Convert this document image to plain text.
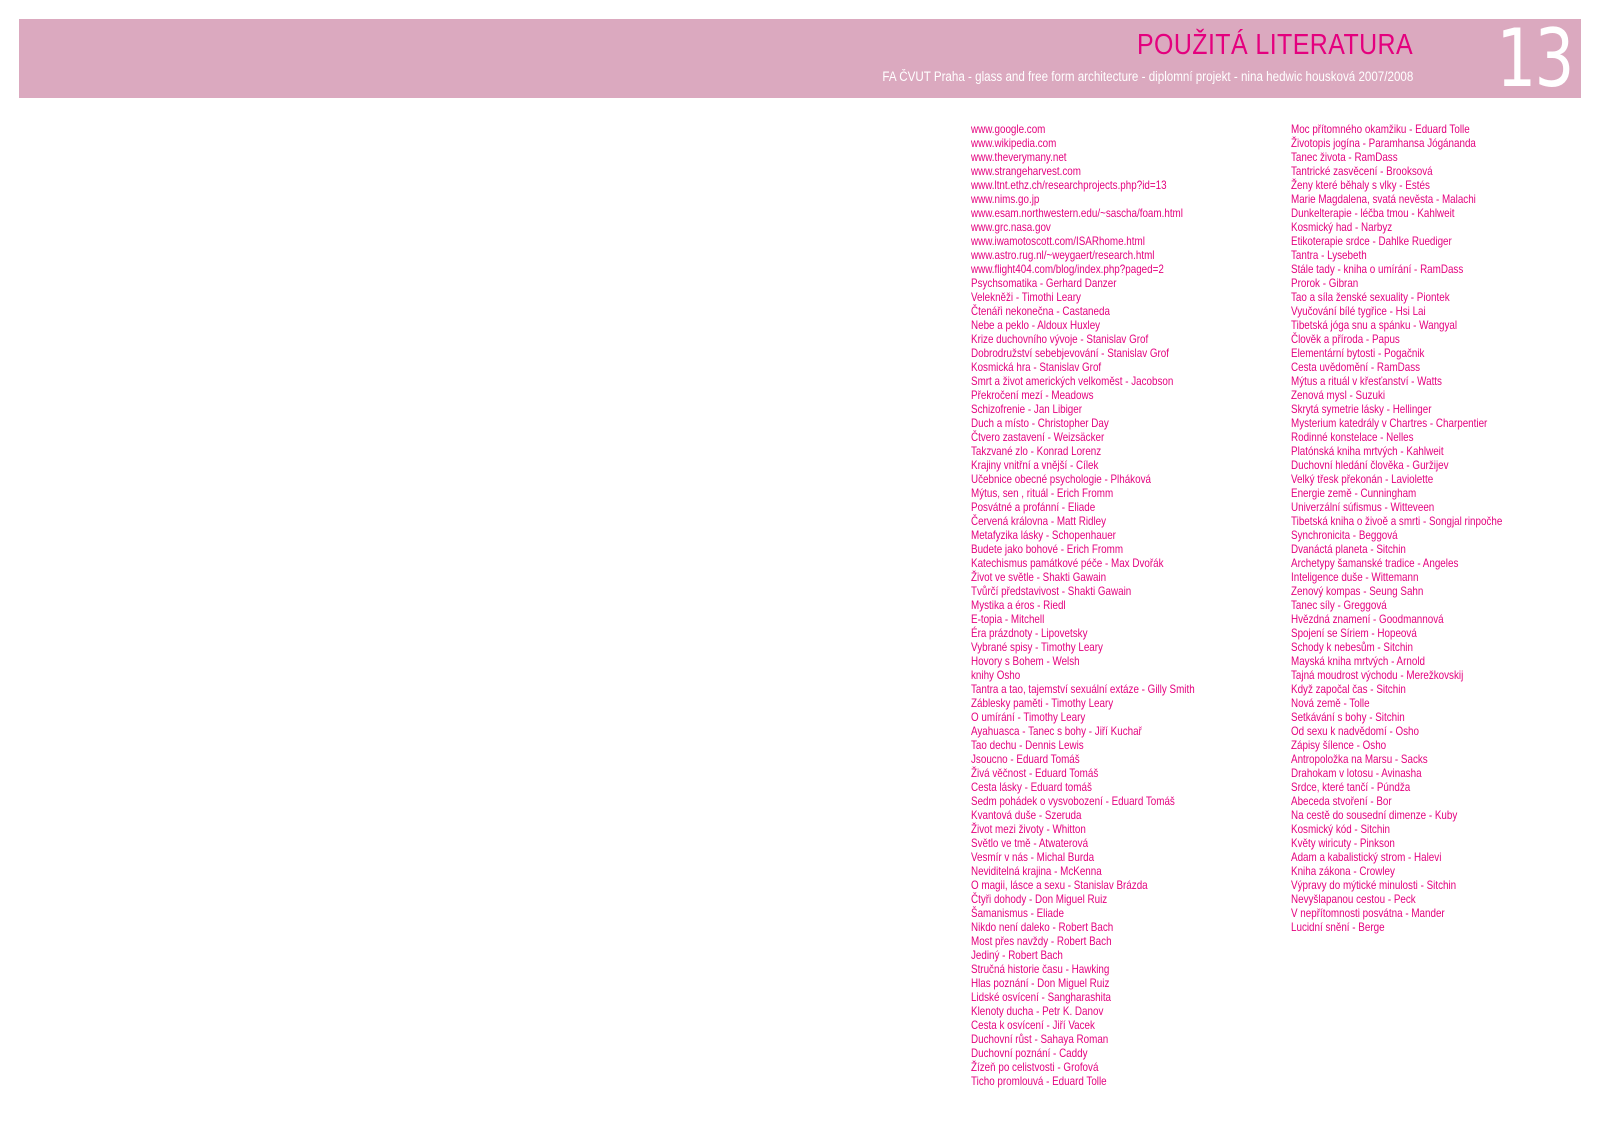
POUŽITÁ LITERATURA
FA ČVUT Praha - glass and free form architecture - diplomní projekt - nina hedwic housková 2007/2008 13
www.google.com
www.wikipedia.com
www.theverymany.net
www.strangeharvest.com
www.ltnt.ethz.ch/researchprojects.php?id=13
www.nims.go.jp
www.esam.northwestern.edu/~sascha/foam.html
www.grc.nasa.gov
www.iwamotoscott.com/ISARhome.html
www.astro.rug.nl/~weygaert/research.html
www.flight404.com/blog/index.php?paged=2
Psychsomatika - Gerhard Danzer
Velekněži - Timothi Leary
Čtenáři nekonečna - Castaneda
Nebe a peklo - Aldoux Huxley
Krize duchovního vývoje - Stanislav Grof
Dobrodružství sebebjevování - Stanislav Grof
Kosmická hra - Stanislav Grof
Smrt a život amerických velkoměst - Jacobson
Překročení mezí - Meadows
Schizofrenie - Jan Libiger
Duch a místo - Christopher Day
Čtvero zastavení - Weizsäcker
Takzvané zlo - Konrad Lorenz
Krajiny vnitřní a vnější - Cílek
Učebnice obecné psychologie - Plháková
Mýtus, sen , rituál - Erich Fromm
Posvátné a profánní - Eliade
Červená královna - Matt Ridley
Metafyzika lásky - Schopenhauer
Budete jako bohové - Erich Fromm
Katechismus památkové péče - Max Dvořák
Život ve světle - Shakti Gawain
Tvůrčí představivost - Shakti Gawain
Mystika a éros - Riedl
E-topia - Mitchell
Éra prázdnoty - Lipovetsky
Vybrané spisy - Timothy Leary
Hovory s Bohem - Welsh
knihy Osho
Tantra a tao, tajemství sexuální extáze - Gilly Smith
Záblesky paměti - Timothy Leary
O umírání - Timothy Leary
Ayahuasca - Tanec s bohy - Jiří Kuchař
Tao dechu - Dennis Lewis
Jsoucno - Eduard Tomáš
Živá věčnost - Eduard Tomáš
Cesta lásky - Eduard tomáš
Sedm pohádek o vysvobození - Eduard Tomáš
Kvantová duše - Szeruda
Život mezi životy - Whitton
Světlo ve tmě - Atwaterová
Vesmír v nás - Michal Burda
Neviditelná krajina - McKenna
O magii, lásce a sexu - Stanislav Brázda
Čtyři dohody - Don Miguel Ruiz
Šamanismus - Eliade
Nikdo není daleko - Robert Bach
Most přes navždy - Robert Bach
Jediný - Robert Bach
Stručná historie času - Hawking
Hlas poznání - Don Miguel Ruiz
Lidské osvícení - Sangharashita
Klenoty ducha - Petr K. Danov
Cesta k osvícení - Jiří Vacek
Duchovní růst - Sahaya Roman
Duchovní poznání - Caddy
Žízeň po celistvosti - Grofová
Ticho promlouvá - Eduard Tolle
Moc přítomného okamžiku - Eduard Tolle
Životopis jogína - Paramhansa Jógánanda
Tanec života - RamDass
Tantrické zasvěcení - Brooksová
Ženy které běhaly s vlky - Estés
Marie Magdalena, svatá nevěsta - Malachi
Dunkelterapie - léčba tmou - Kahlweit
Kosmický had - Narbyz
Etikoterapie srdce - Dahlke Ruediger
Tantra - Lysebeth
Stále tady - kniha o umírání - RamDass
Prorok - Gibran
Tao a síla ženské sexuality - Piontek
Vyučování bílé tygřice - Hsi Lai
Tibetská jóga snu a spánku - Wangyal
Člověk a příroda - Papus
Elementární bytosti - Pogačnik
Cesta uvědomění - RamDass
Mýtus a rituál v křesťanství - Watts
Zenová mysl - Suzuki
Skrytá symetrie lásky - Hellinger
Mysterium katedrály v Chartres - Charpentier
Rodinné konstelace - Nelles
Platónská kniha mrtvých - Kahlweit
Duchovní hledání člověka - Guržijev
Velký třesk překonán - Laviolette
Energie země - Cunningham
Univerzální súfismus - Witteveen
Tibetská kniha o živoě a smrti - Songjal rinpočhe
Synchronicita - Beggová
Dvanáctá planeta - Sitchin
Archetypy šamanské tradice - Angeles
Inteligence duše - Wittemann
Zenový kompas - Seung Sahn
Tanec síly - Greggová
Hvězdná znamení - Goodmannová
Spojení se Síriem - Hopeová
Schody k nebesům - Sitchin
Mayská kniha mrtvých - Arnold
Tajná moudrost východu - Merežkovskij
Když započal čas - Sitchin
Nová země - Tolle
Setkávání s bohy - Sitchin
Od sexu k nadvědomí - Osho
Zápisy šílence - Osho
Antropoložka na Marsu - Sacks
Drahokam v lotosu - Avinasha
Srdce, které tančí - Púndža
Abeceda stvoření - Bor
Na cestě do sousední dimenze - Kuby
Kosmický kód - Sitchin
Květy wiricuty - Pinkson
Adam a kabalistický strom - Halevi
Kniha zákona - Crowley
Výpravy do mýtické minulosti - Sitchin
Nevyšlapanou cestou - Peck
V nepřítomnosti posvátna - Mander
Lucidní snění - Berge
